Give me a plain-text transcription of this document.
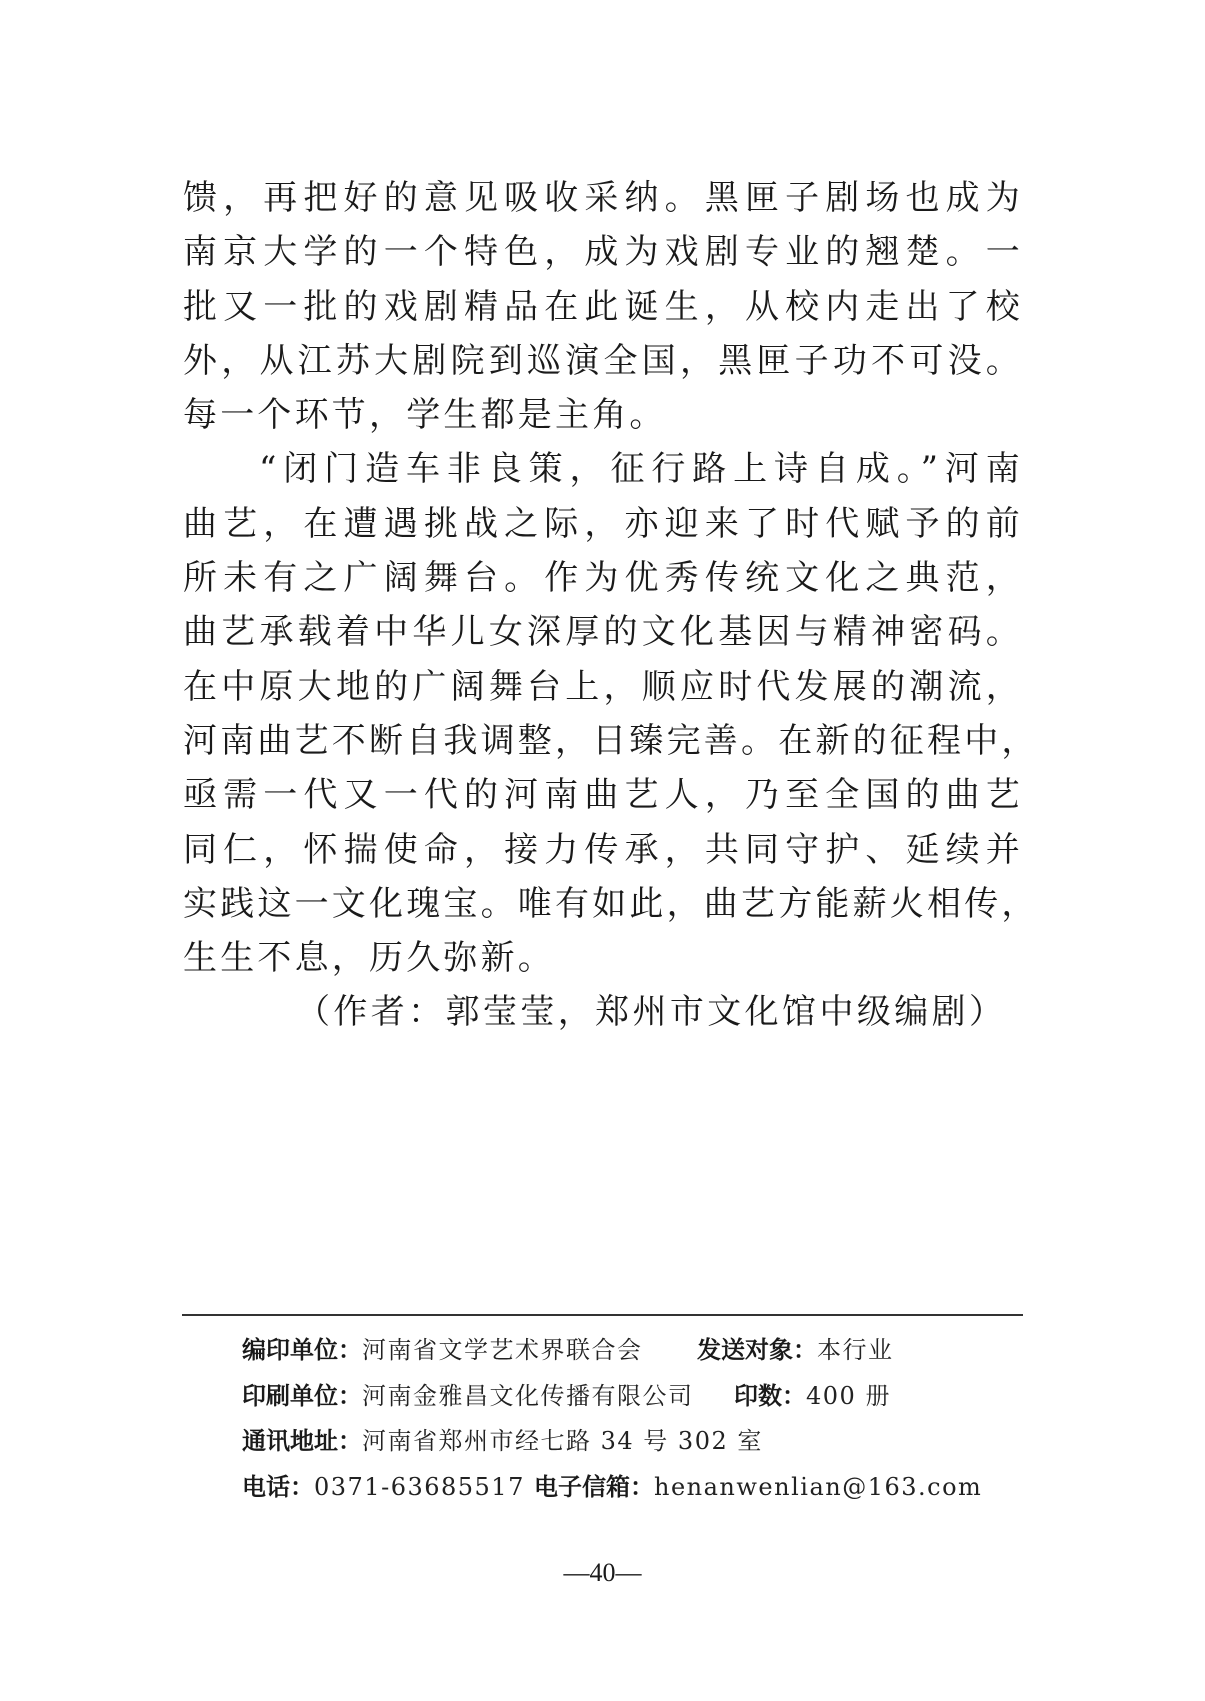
馈，再把好的意见吸收采纳。黑匣子剧场也成为
南京大学的一个特色，成为戏剧专业的翘楚。一
批又一批的戏剧精品在此诞生，从校内走出了校
外，从江苏大剧院到巡演全国，黑匣子功不可没。
每一个环节，学生都是主角。
“闭门造车非良策，征行路上诗自成。”河南
曲艺，在遭遇挑战之际，亦迎来了时代赋予的前
所未有之广阔舞台。作为优秀传统文化之典范，
曲艺承载着中华儿女深厚的文化基因与精神密码。
在中原大地的广阔舞台上，顺应时代发展的潮流，
河南曲艺不断自我调整，日臻完善。在新的征程中，
亟需一代又一代的河南曲艺人，乃至全国的曲艺
同仁，怀揣使命，接力传承，共同守护、延续并
实践这一文化瑰宝。唯有如此，曲艺方能薪火相传，
生生不息，历久弥新。
（作者：郭莹莹，郑州市文化馆中级编剧）
编印单位：河南省文学艺术界联合会	发送对象：本行业
印刷单位：河南金雅昌文化传播有限公司	印数：400 册
通讯地址：河南省郑州市经七路 34 号 302 室
电话：0371-63685517 电子信箱：henanwenlian@163.com
—40—
